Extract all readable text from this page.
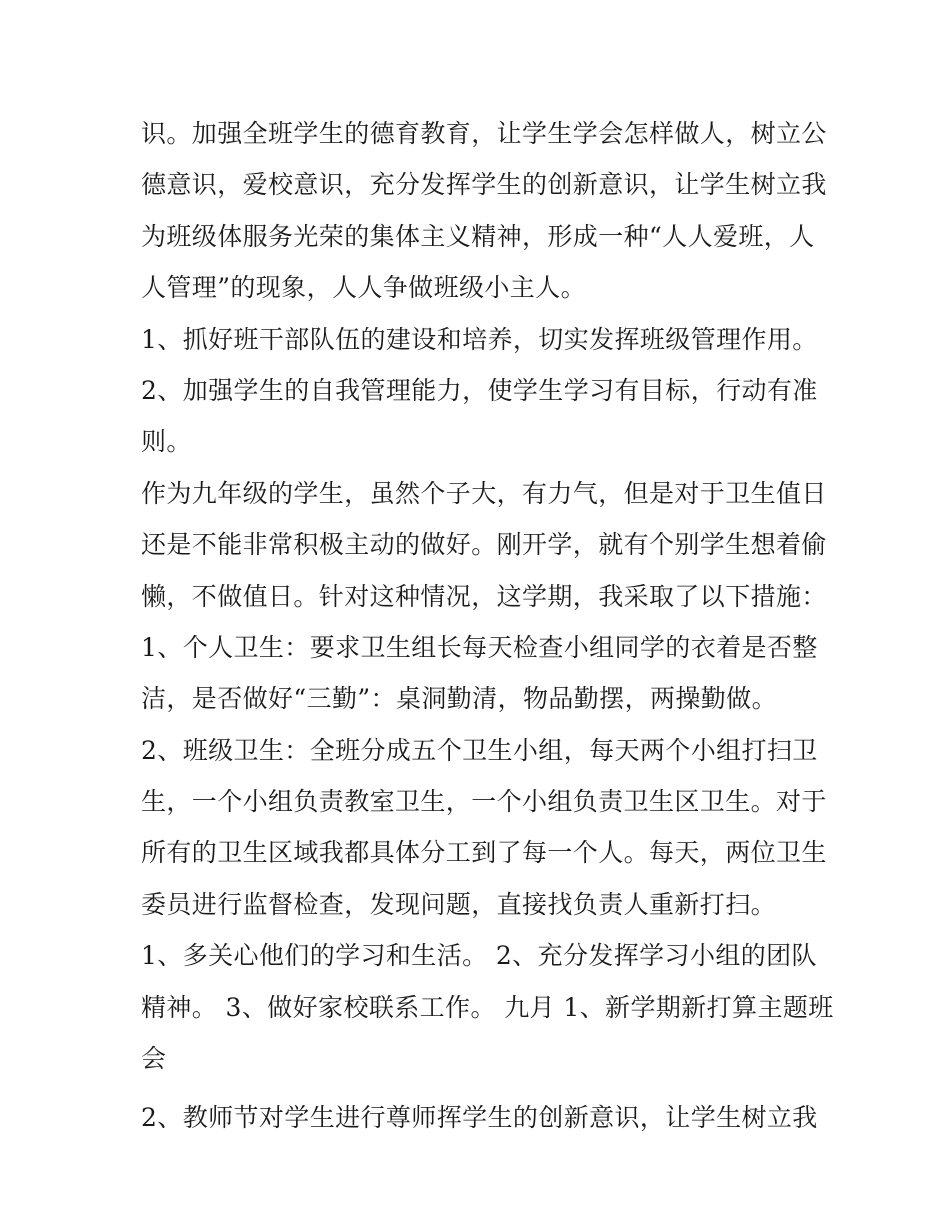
识。加强全班学生的德育教育，让学生学会怎样做人，树立公
德意识，爱校意识，充分发挥学生的创新意识，让学生树立我
为班级体服务光荣的集体主义精神，形成一种“人人爱班，人
人管理”的现象，人人争做班级小主人。
1、抓好班干部队伍的建设和培养，切实发挥班级管理作用。
2、加强学生的自我管理能力，使学生学习有目标，行动有准
则。
作为九年级的学生，虽然个子大，有力气，但是对于卫生值日
还是不能非常积极主动的做好。刚开学，就有个别学生想着偷
懒，不做值日。针对这种情况，这学期，我采取了以下措施：
1、个人卫生：要求卫生组长每天检查小组同学的衣着是否整
洁，是否做好“三勤”：桌洞勤清，物品勤摆，两操勤做。
2、班级卫生：全班分成五个卫生小组，每天两个小组打扫卫
生，一个小组负责教室卫生，一个小组负责卫生区卫生。对于
所有的卫生区域我都具体分工到了每一个人。每天，两位卫生
委员进行监督检查，发现问题，直接找负责人重新打扫。
1、多关心他们的学习和生活。 2、充分发挥学习小组的团队
精神。 3、做好家校联系工作。 九月 1、新学期新打算主题班
会
2、教师节对学生进行尊师挥学生的创新意识，让学生树立我
